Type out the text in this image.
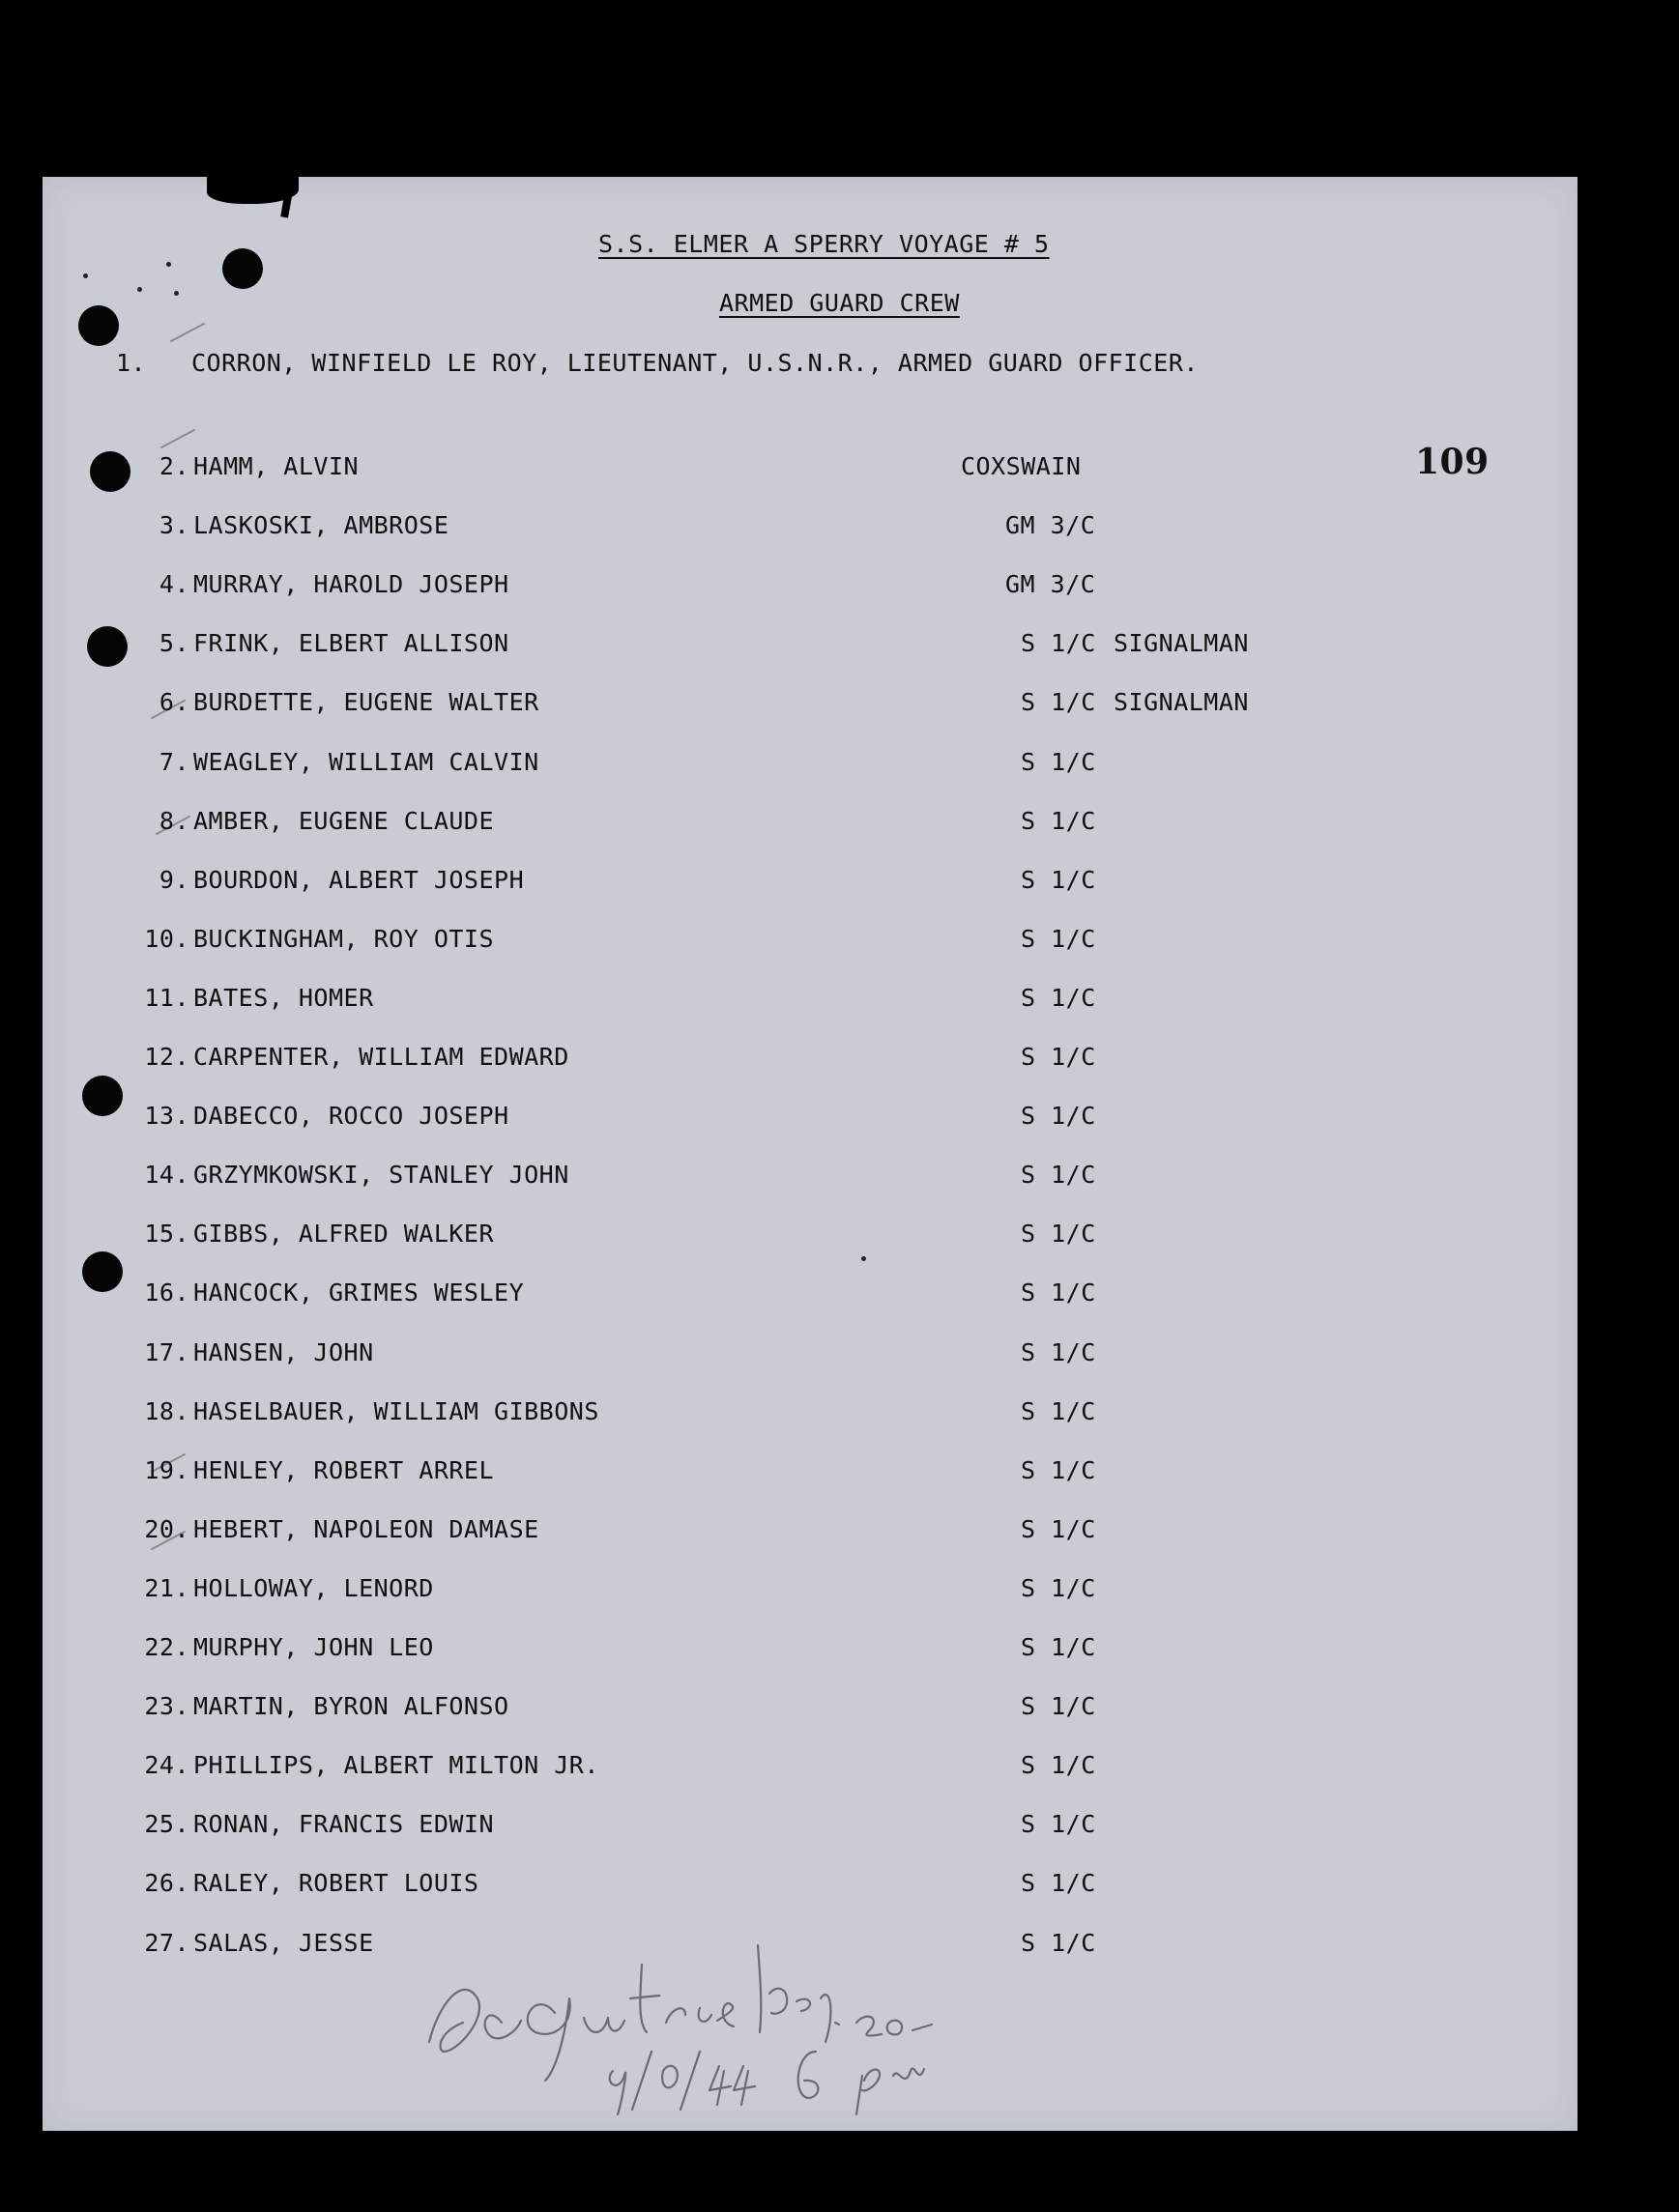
S.S. ELMER A SPERRY VOYAGE # 5
ARMED GUARD CREW
1. CORRON, WINFIELD LE ROY, LIEUTENANT, U.S.N.R., ARMED GUARD OFFICER.
109
2. HAMM, ALVIN	COXSWAIN
3. LASKOSKI, AMBROSE	GM 3/C
4. MURRAY, HAROLD JOSEPH	GM 3/C
5. FRINK, ELBERT ALLISON	S 1/C SIGNALMAN
6. BURDETTE, EUGENE WALTER	S 1/C SIGNALMAN
7. WEAGLEY, WILLIAM CALVIN	S 1/C
8. AMBER, EUGENE CLAUDE	S 1/C
9. BOURDON, ALBERT JOSEPH	S 1/C
10. BUCKINGHAM, ROY OTIS	S 1/C
11. BATES, HOMER	S 1/C
12. CARPENTER, WILLIAM EDWARD	S 1/C
13. DABECCO, ROCCO JOSEPH	S 1/C
14. GRZYMKOWSKI, STANLEY JOHN	S 1/C
15. GIBBS, ALFRED WALKER	S 1/C
16. HANCOCK, GRIMES WESLEY	S 1/C
17. HANSEN, JOHN	S 1/C
18. HASELBAUER, WILLIAM GIBBONS	S 1/C
19. HENLEY, ROBERT ARREL	S 1/C
20. HEBERT, NAPOLEON DAMASE	S 1/C
21. HOLLOWAY, LENORD	S 1/C
22. MURPHY, JOHN LEO	S 1/C
23. MARTIN, BYRON ALFONSO	S 1/C
24. PHILLIPS, ALBERT MILTON JR.	S 1/C
25. RONAN, FRANCIS EDWIN	S 1/C
26. RALEY, ROBERT LOUIS	S 1/C
27. SALAS, JESSE	S 1/C
